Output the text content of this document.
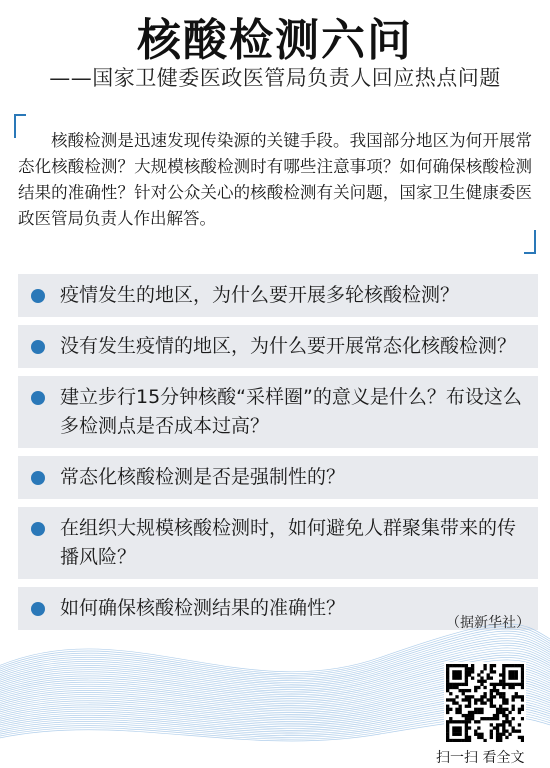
核酸检测六问
——国家卫健委医政医管局负责人回应热点问题
核酸检测是迅速发现传染源的关键手段。我国部分地区为何开展常态化核酸检测？大规模核酸检测时有哪些注意事项？如何确保核酸检测结果的准确性？针对公众关心的核酸检测有关问题，国家卫生健康委医政医管局负责人作出解答。
疫情发生的地区，为什么要开展多轮核酸检测？
没有发生疫情的地区，为什么要开展常态化核酸检测？
建立步行15分钟核酸“采样圈”的意义是什么？布设这么多检测点是否成本过高？
常态化核酸检测是否是强制性的？
在组织大规模核酸检测时，如何避免人群聚集带来的传播风险？
如何确保核酸检测结果的准确性？
（据新华社）
扫一扫 看全文
